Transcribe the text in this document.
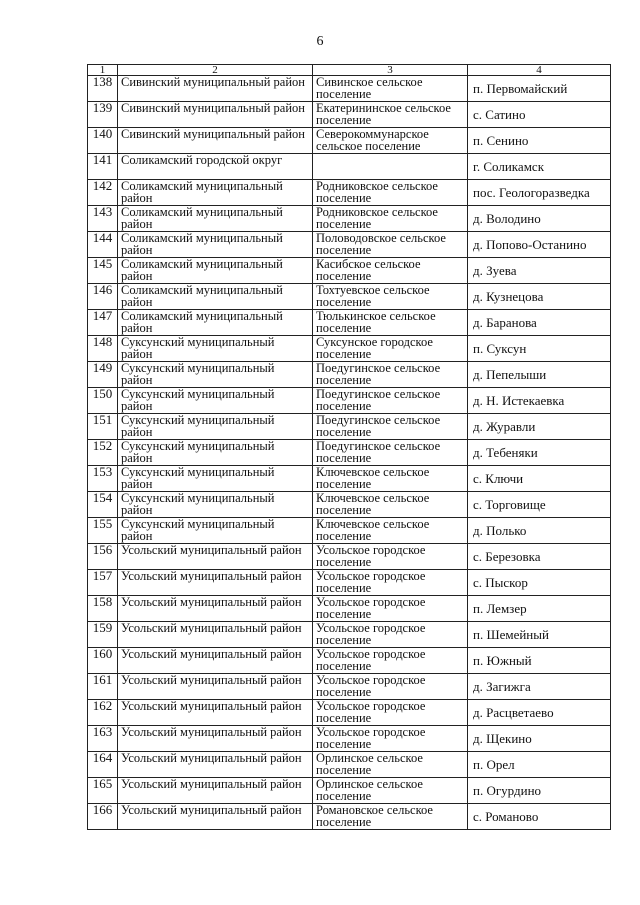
6
1	2	3	4
138	Сивинский муниципальный район	Сивинское сельское поселение	п. Первомайский
139	Сивинский муниципальный район	Екатерининское сельское поселение	с. Сатино
140	Сивинский муниципальный район	Северокоммунарское сельское поселение	п. Сенино
141	Соликамский городской округ		г. Соликамск
142	Соликамский муниципальный район	Родниковское сельское поселение	пос. Геологоразведка
143	Соликамский муниципальный район	Родниковское сельское поселение	д. Володино
144	Соликамский муниципальный район	Половодовское сельское поселение	д. Попово-Останино
145	Соликамский муниципальный район	Касибское сельское поселение	д. Зуева
146	Соликамский муниципальный район	Тохтуевское сельское поселение	д. Кузнецова
147	Соликамский муниципальный район	Тюлькинское сельское поселение	д. Баранова
148	Суксунский муниципальный район	Суксунское городское поселение	п. Суксун
149	Суксунский муниципальный район	Поедугинское сельское поселение	д. Пепелыши
150	Суксунский муниципальный район	Поедугинское сельское поселение	д. Н. Истекаевка
151	Суксунский муниципальный район	Поедугинское сельское поселение	д. Журавли
152	Суксунский муниципальный район	Поедугинское сельское поселение	д. Тебеняки
153	Суксунский муниципальный район	Ключевское сельское поселение	с. Ключи
154	Суксунский муниципальный район	Ключевское сельское поселение	с. Торговище
155	Суксунский муниципальный район	Ключевское сельское поселение	д. Полько
156	Усольский муниципальный район	Усольское городское поселение	с. Березовка
157	Усольский муниципальный район	Усольское городское поселение	с. Пыскор
158	Усольский муниципальный район	Усольское городское поселение	п. Лемзер
159	Усольский муниципальный район	Усольское городское поселение	п. Шемейный
160	Усольский муниципальный район	Усольское городское поселение	п. Южный
161	Усольский муниципальный район	Усольское городское поселение	д. Загижга
162	Усольский муниципальный район	Усольское городское поселение	д. Расцветаево
163	Усольский муниципальный район	Усольское городское поселение	д. Щекино
164	Усольский муниципальный район	Орлинское сельское поселение	п. Орел
165	Усольский муниципальный район	Орлинское сельское поселение	п. Огурдино
166	Усольский муниципальный район	Романовское сельское поселение	с. Романово
